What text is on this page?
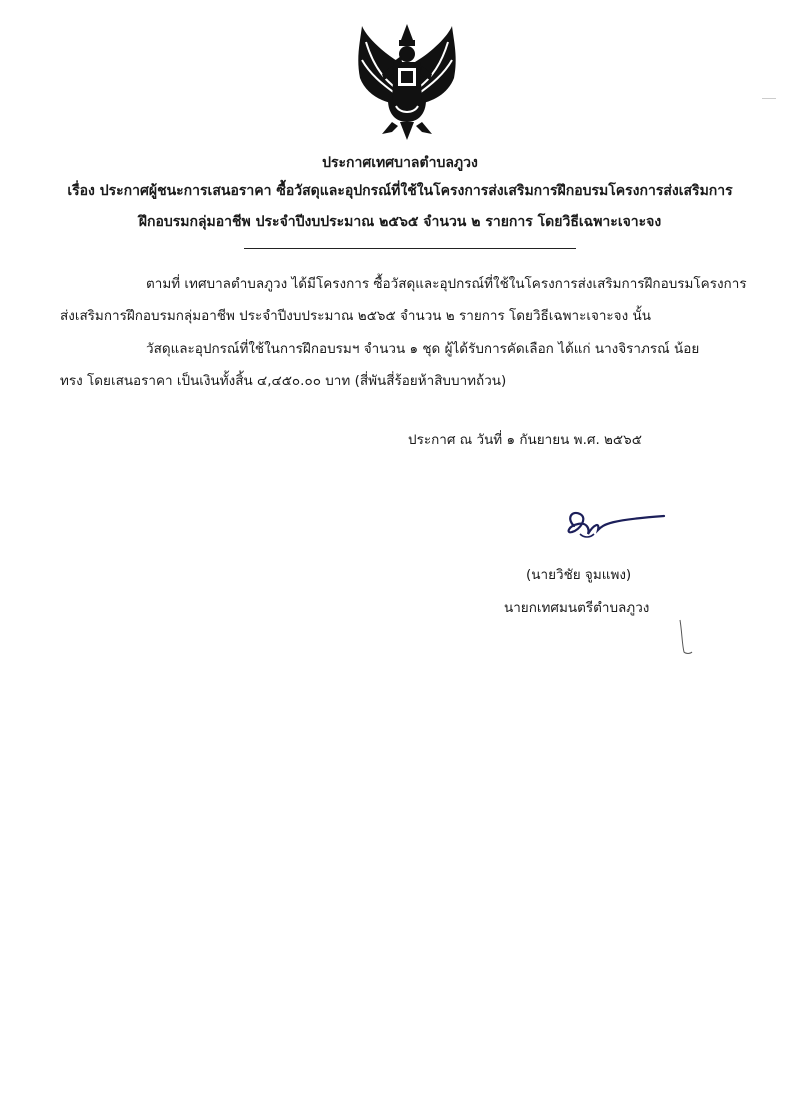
ประกาศเทศบาลตำบลภูวง
เรื่อง ประกาศผู้ชนะการเสนอราคา ซื้อวัสดุและอุปกรณ์ที่ใช้ในโครงการส่งเสริมการฝึกอบรมโครงการส่งเสริมการ
ฝึกอบรมกลุ่มอาชีพ ประจำปีงบประมาณ ๒๕๖๕ จำนวน ๒ รายการ โดยวิธีเฉพาะเจาะจง
ตามที่ เทศบาลตำบลภูวง ได้มีโครงการ ซื้อวัสดุและอุปกรณ์ที่ใช้ในโครงการส่งเสริมการฝึกอบรมโครงการ
ส่งเสริมการฝึกอบรมกลุ่มอาชีพ ประจำปีงบประมาณ ๒๕๖๕ จำนวน ๒ รายการ โดยวิธีเฉพาะเจาะจง นั้น
วัสดุและอุปกรณ์ที่ใช้ในการฝึกอบรมฯ จำนวน ๑ ชุด ผู้ได้รับการคัดเลือก ได้แก่ นางจิราภรณ์ น้อย
ทรง โดยเสนอราคา เป็นเงินทั้งสิ้น ๔,๔๕๐.๐๐ บาท (สี่พันสี่ร้อยห้าสิบบาทถ้วน)
ประกาศ ณ วันที่ ๑ กันยายน พ.ศ. ๒๕๖๕
(นายวิชัย จูมแพง)
นายกเทศมนตรีตำบลภูวง
